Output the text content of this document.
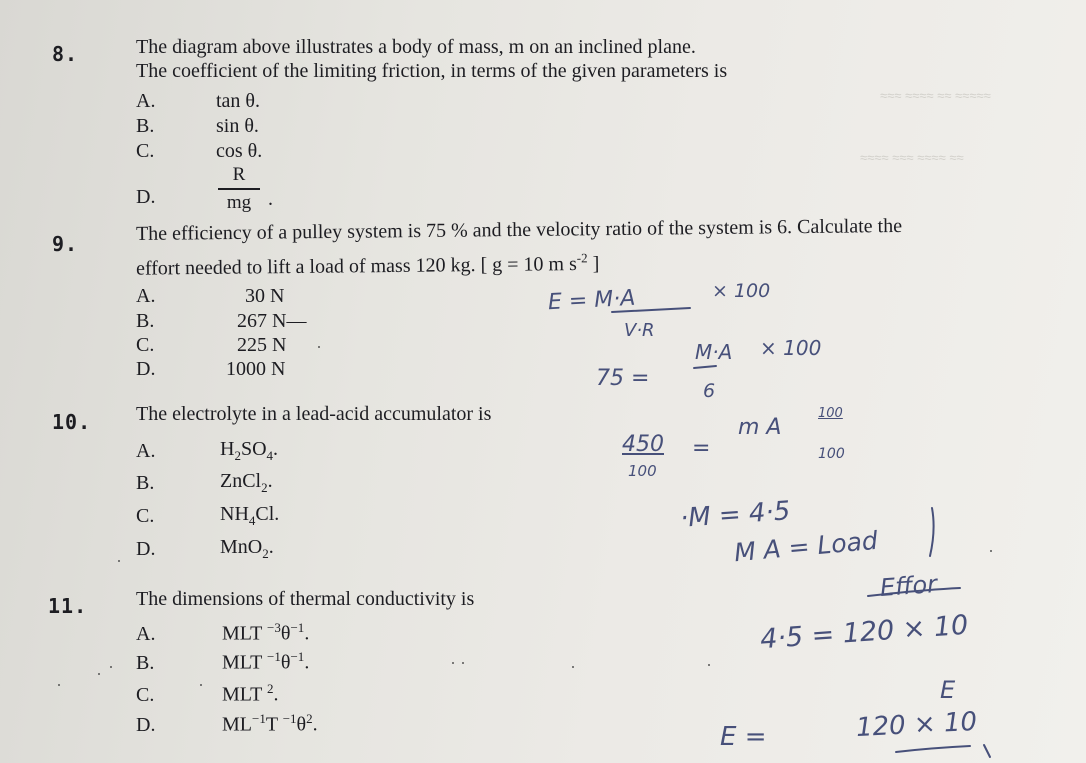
8.	The diagram above illustrates a body of mass, m on an inclined plane.
The coefficient of the limiting friction, in terms of the given parameters is
A.	tan θ.
B.	sin θ.
C.	cos θ.
D.
R
mg .
9.	The efficiency of a pulley system is 75 % and the velocity ratio of the system is 6. Calculate the
effort needed to lift a load of mass 120 kg. [ g = 10 m $s^{-2}$ ]
A.	30 N
B.	267 N—
C.	225 N
D.	1000 N
10. The electrolyte in a lead-acid accumulator is
A.	$H_2SO_4$.
B.	ZnCl$_2$.
C.	$NH_4Cl$.
D.	MnO$_2$.
11. The dimensions of thermal conductivity is
A.	MLT $^{-3}\theta^{-1}$.
B.	MLT $^{-1}\theta^{-1}$.
C.	MLT $^2$.
D.	$ML^{-1}T$ $^{-1}\theta^2$.
E = M·A	× 100
V·R
M·A × 100
75 =	6
m A
100
450 =
100
100
·M = 4·5
M A = Load
Effor
4·5 = 120 × 10
E
E =	120 × 10
≈≈≈ ≈≈≈≈ ≈≈ ≈≈≈≈≈
≈≈≈≈ ≈≈≈ ≈≈≈≈ ≈≈
